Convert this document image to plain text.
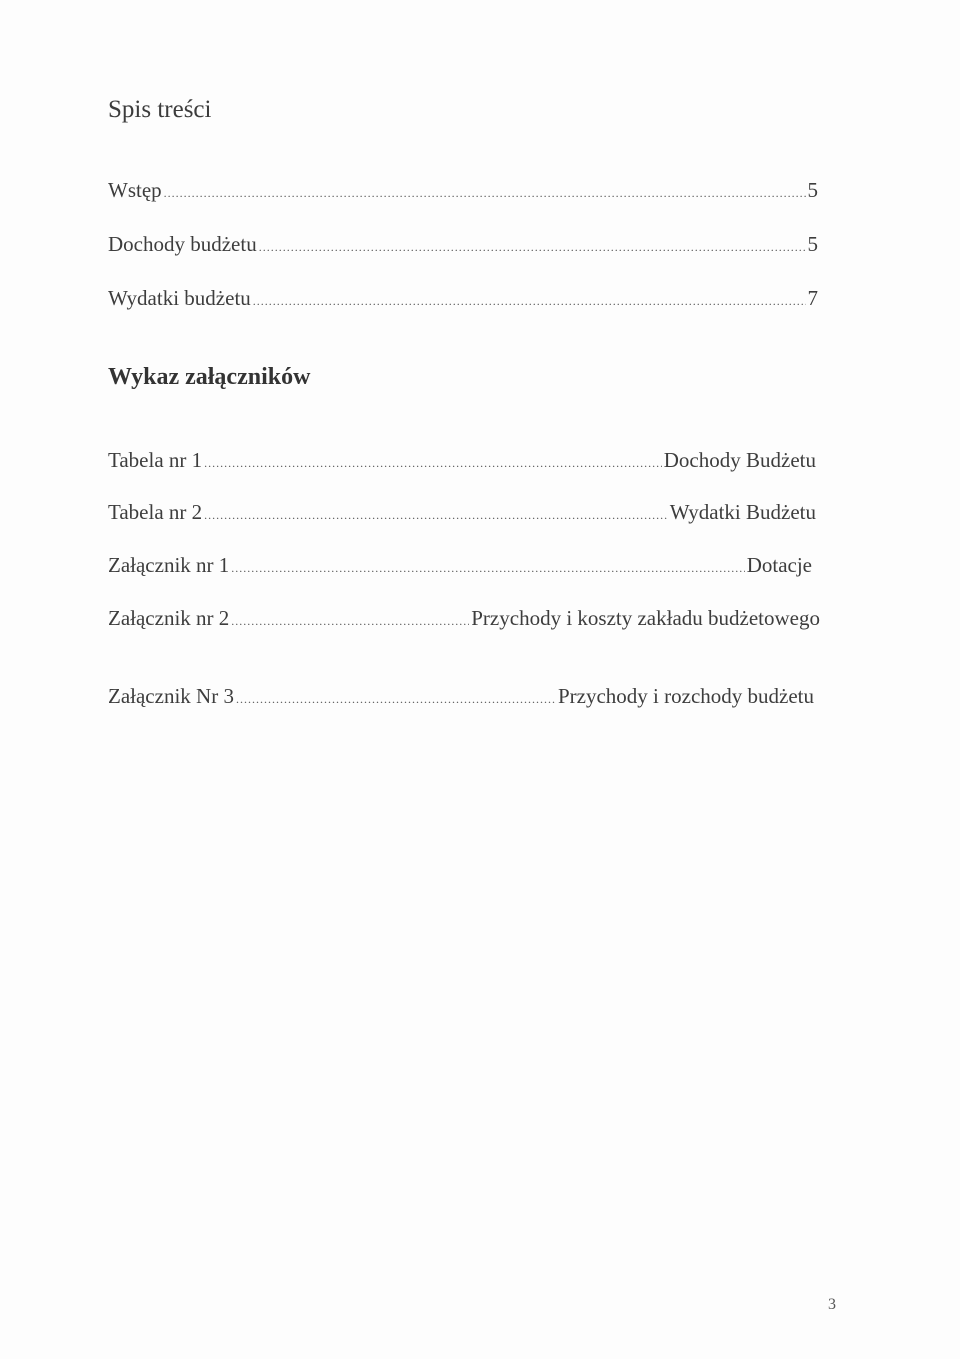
Spis treści
Wstęp .....	5
Dochody budżetu .....	5
Wydatki budżetu .....	7
Wykaz załączników
Tabela nr 1 .....	Dochody Budżetu
Tabela nr 2 .....	Wydatki Budżetu
Załącznik nr 1 .....	Dotacje
Załącznik nr 2 .....	Przychody i koszty zakładu budżetowego
Załącznik Nr 3 .....	Przychody i rozchody budżetu
3
